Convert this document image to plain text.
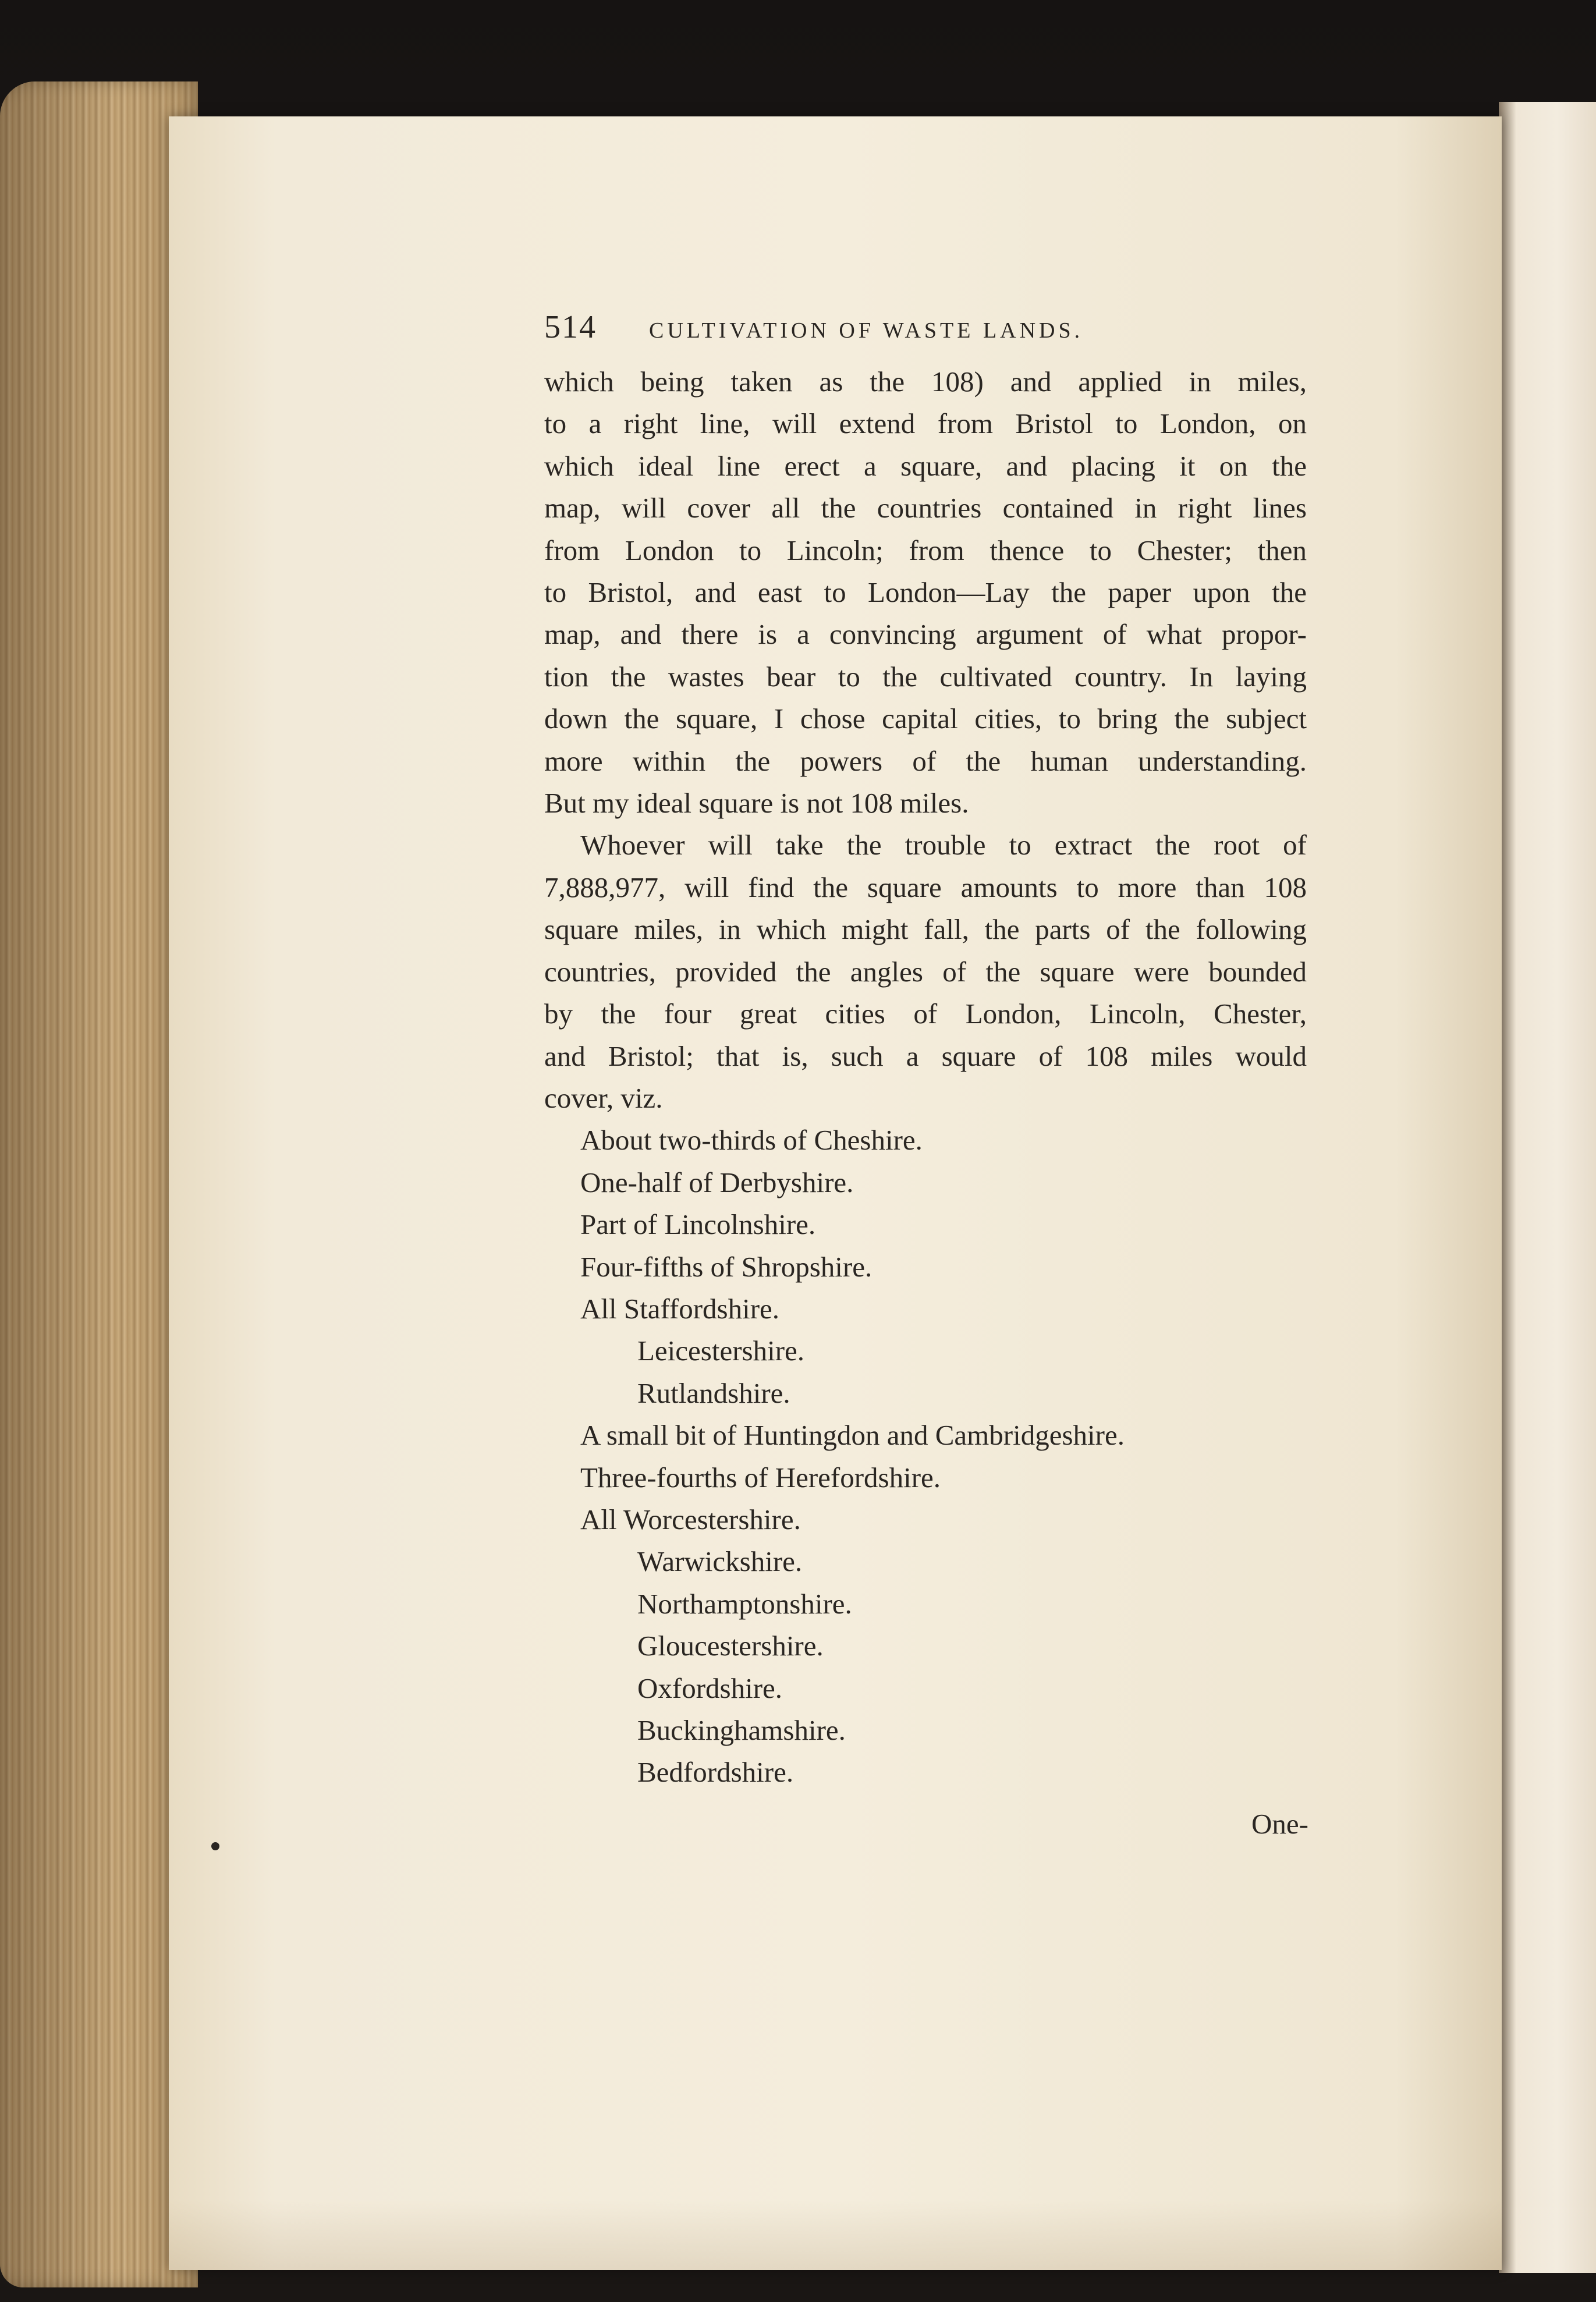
514	CULTIVATION OF WASTE LANDS.

which being taken as the 108) and applied in miles,

to a right line, will extend from Bristol to London, on

which ideal line erect a square, and placing it on the

map, will cover all the countries contained in right lines

from London to Lincoln; from thence to Chester; then

to Bristol, and east to London—Lay the paper upon the

map, and there is a convincing argument of what propor-

tion the wastes bear to the cultivated country. In laying

down the square, I chose capital cities, to bring the subject

more within the powers of the human understanding.

But my ideal square is not 108 miles.

Whoever will take the trouble to extract the root of

7,888,977, will find the square amounts to more than 108

square miles, in which might fall, the parts of the following

countries, provided the angles of the square were bounded

by the four great cities of London, Lincoln, Chester,

and Bristol; that is, such a square of 108 miles would

cover, viz.

About two-thirds of Cheshire.
One-half of Derbyshire.
Part of Lincolnshire.
Four-fifths of Shropshire.
All Staffordshire.
Leicestershire.
Rutlandshire.
A small bit of Huntingdon and Cambridgeshire.
Three-fourths of Herefordshire.
All Worcestershire.
Warwickshire.
Northamptonshire.
Gloucestershire.
Oxfordshire.
Buckinghamshire.
Bedfordshire.
One-
